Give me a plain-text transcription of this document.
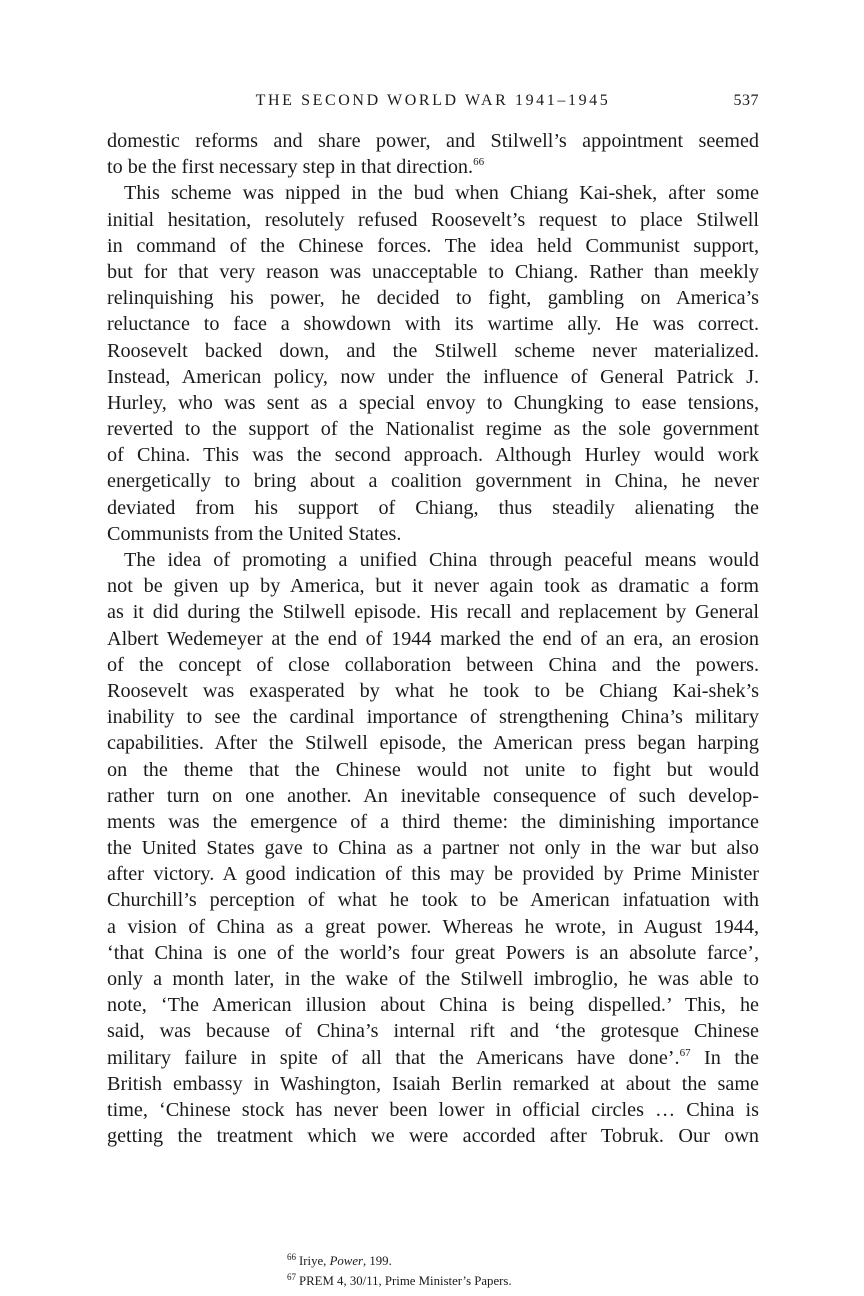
THE SECOND WORLD WAR 1941–1945	537
domestic reforms and share power, and Stilwell’s appointment seemed
to be the first necessary step in that direction.$^{66}$
This scheme was nipped in the bud when Chiang Kai-shek, after some
initial hesitation, resolutely refused Roosevelt’s request to place Stilwell
in command of the Chinese forces. The idea held Communist support,
but for that very reason was unacceptable to Chiang. Rather than meekly
relinquishing his power, he decided to fight, gambling on America’s
reluctance to face a showdown with its wartime ally. He was correct.
Roosevelt backed down, and the Stilwell scheme never materialized.
Instead, American policy, now under the influence of General Patrick J.
Hurley, who was sent as a special envoy to Chungking to ease tensions,
reverted to the support of the Nationalist regime as the sole government
of China. This was the second approach. Although Hurley would work
energetically to bring about a coalition government in China, he never
deviated from his support of Chiang, thus steadily alienating the
Communists from the United States.
The idea of promoting a unified China through peaceful means would
not be given up by America, but it never again took as dramatic a form
as it did during the Stilwell episode. His recall and replacement by General
Albert Wedemeyer at the end of 1944 marked the end of an era, an erosion
of the concept of close collaboration between China and the powers.
Roosevelt was exasperated by what he took to be Chiang Kai-shek’s
inability to see the cardinal importance of strengthening China’s military
capabilities. After the Stilwell episode, the American press began harping
on the theme that the Chinese would not unite to fight but would
rather turn on one another. An inevitable consequence of such develop-
ments was the emergence of a third theme: the diminishing importance
the United States gave to China as a partner not only in the war but also
after victory. A good indication of this may be provided by Prime Minister
Churchill’s perception of what he took to be American infatuation with
a vision of China as a great power. Whereas he wrote, in August 1944,
‘that China is one of the world’s four great Powers is an absolute farce’,
only a month later, in the wake of the Stilwell imbroglio, he was able to
note, ‘The American illusion about China is being dispelled.’ This, he
said, was because of China’s internal rift and ‘the grotesque Chinese
military failure in spite of all that the Americans have done’.$^{67}$ In the
British embassy in Washington, Isaiah Berlin remarked at about the same
time, ‘Chinese stock has never been lower in official circles … China is
getting the treatment which we were accorded after Tobruk. Our own
$^{66}$ Iriye, Power, 199.
$^{67}$ PREM 4, 30/11, Prime Minister’s Papers.
